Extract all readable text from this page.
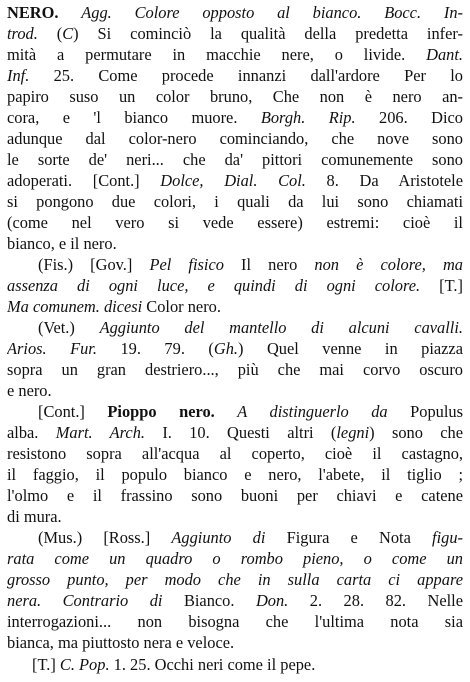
NERO. Agg. Colore opposto al bianco. Bocc. In-
trod. (C) Si cominciò la qualità della predetta infer-
mità a permutare in macchie nere, o livide. Dant.
Inf. 25. Come procede innanzi dall'ardore Per lo
papiro suso un color bruno, Che non è nero an-
cora, e 'l bianco muore. Borgh. Rip. 206. Dico
adunque dal color-nero cominciando, che nove sono
le sorte de' neri... che da' pittori comunemente sono
adoperati. [Cont.] Dolce, Dial. Col. 8. Da Aristotele
si pongono due colori, i quali da lui sono chiamati
(come nel vero si vede essere) estremi: cioè il
bianco, e il nero.
(Fis.) [Gov.] Pel fisico Il nero non è colore, ma
assenza di ogni luce, e quindi di ogni colore. [T.]
Ma comunem. dicesi Color nero.
(Vet.) Aggiunto del mantello di alcuni cavalli.
Arios. Fur. 19. 79. (Gh.) Quel venne in piazza
sopra un gran destriero..., più che mai corvo oscuro
e nero.
[Cont.] Pioppo nero. A distinguerlo da Populus
alba. Mart. Arch. I. 10. Questi altri (legni) sono che
resistono sopra all'acqua al coperto, cioè il castagno,
il faggio, il populo bianco e nero, l'abete, il tiglio ;
l'olmo e il frassino sono buoni per chiavi e catene
di mura.
(Mus.) [Ross.] Aggiunto di Figura e Nota figu-
rata come un quadro o rombo pieno, o come un
grosso punto, per modo che in sulla carta ci appare
nera. Contrario di Bianco. Don. 2. 28. 82. Nelle
interrogazioni... non bisogna che l'ultima nota sia
bianca, ma piuttosto nera e veloce.
[T.] C. Pop. 1. 25. Occhi neri come il pepe.
